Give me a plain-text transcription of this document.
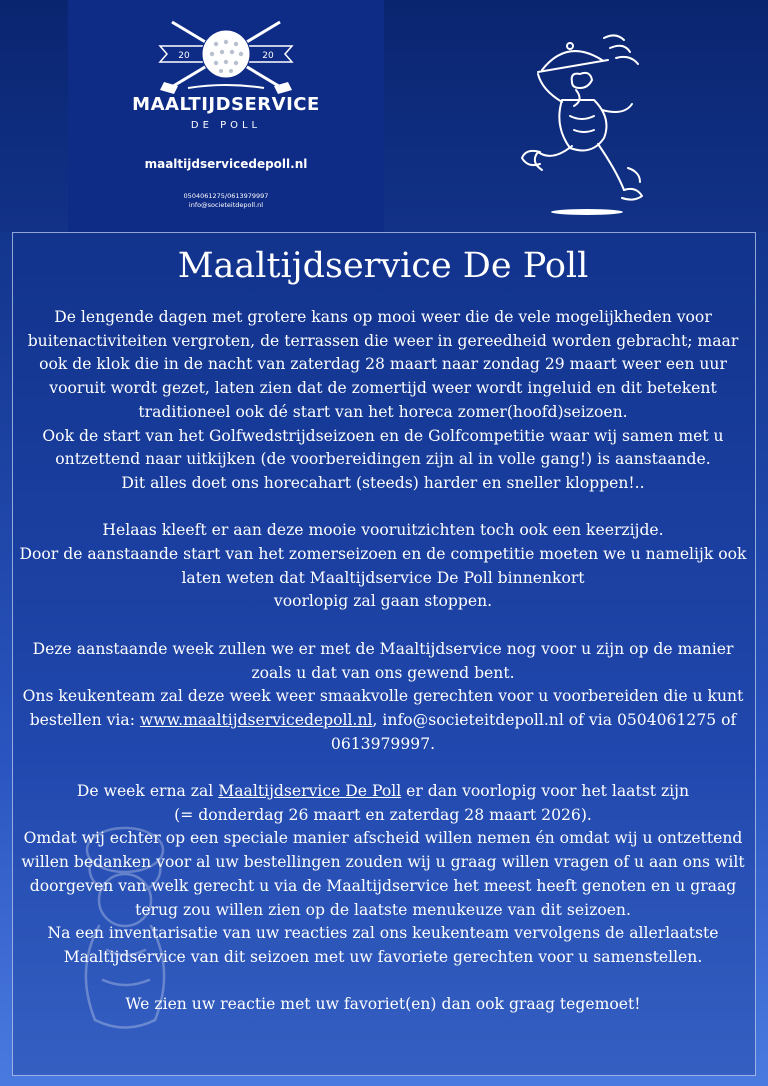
20	20
MAALTIJDSERVICE
DE POLL
maaltijdservicedepoll.nl
0504061275/0613979997
info@societeitdepoll.nl
Maaltijdservice De Poll

De lengende dagen met grotere kans op mooi weer die de vele mogelijkheden voor buitenactiviteiten vergroten, de terrassen die weer in gereedheid worden gebracht; maar ook de klok die in de nacht van zaterdag 28 maart naar zondag 29 maart weer een uur vooruit wordt gezet, laten zien dat de zomertijd weer wordt ingeluid en dit betekent traditioneel ook dé start van het horeca zomer(hoofd)seizoen.

Ook de start van het Golfwedstrijdseizoen en de Golfcompetitie waar wij samen met u ontzettend naar uitkijken (de voorbereidingen zijn al in volle gang!) is aanstaande.

Dit alles doet ons horecahart (steeds) harder en sneller kloppen!..

Helaas kleeft er aan deze mooie vooruitzichten toch ook een keerzijde.

Door de aanstaande start van het zomerseizoen en de competitie moeten we u namelijk ook laten weten dat Maaltijdservice De Poll binnenkort

voorlopig zal gaan stoppen.

Deze aanstaande week zullen we er met de Maaltijdservice nog voor u zijn op de manier zoals u dat van ons gewend bent.

Ons keukenteam zal deze week weer smaakvolle gerechten voor u voorbereiden die u kunt bestellen via: www.maaltijdservicedepoll.nl, info@societeitdepoll.nl of via 0504061275 of 0613979997.

De week erna zal Maaltijdservice De Poll er dan voorlopig voor het laatst zijn

(= donderdag 26 maart en zaterdag 28 maart 2026).

Omdat wij echter op een speciale manier afscheid willen nemen én omdat wij u ontzettend willen bedanken voor al uw bestellingen zouden wij u graag willen vragen of u aan ons wilt doorgeven van welk gerecht u via de Maaltijdservice het meest heeft genoten en u graag terug zou willen zien op de laatste menukeuze van dit seizoen.

Na een inventarisatie van uw reacties zal ons keukenteam vervolgens de allerlaatste Maaltijdservice van dit seizoen met uw favoriete gerechten voor u samenstellen.

We zien uw reactie met uw favoriet(en) dan ook graag tegemoet!
